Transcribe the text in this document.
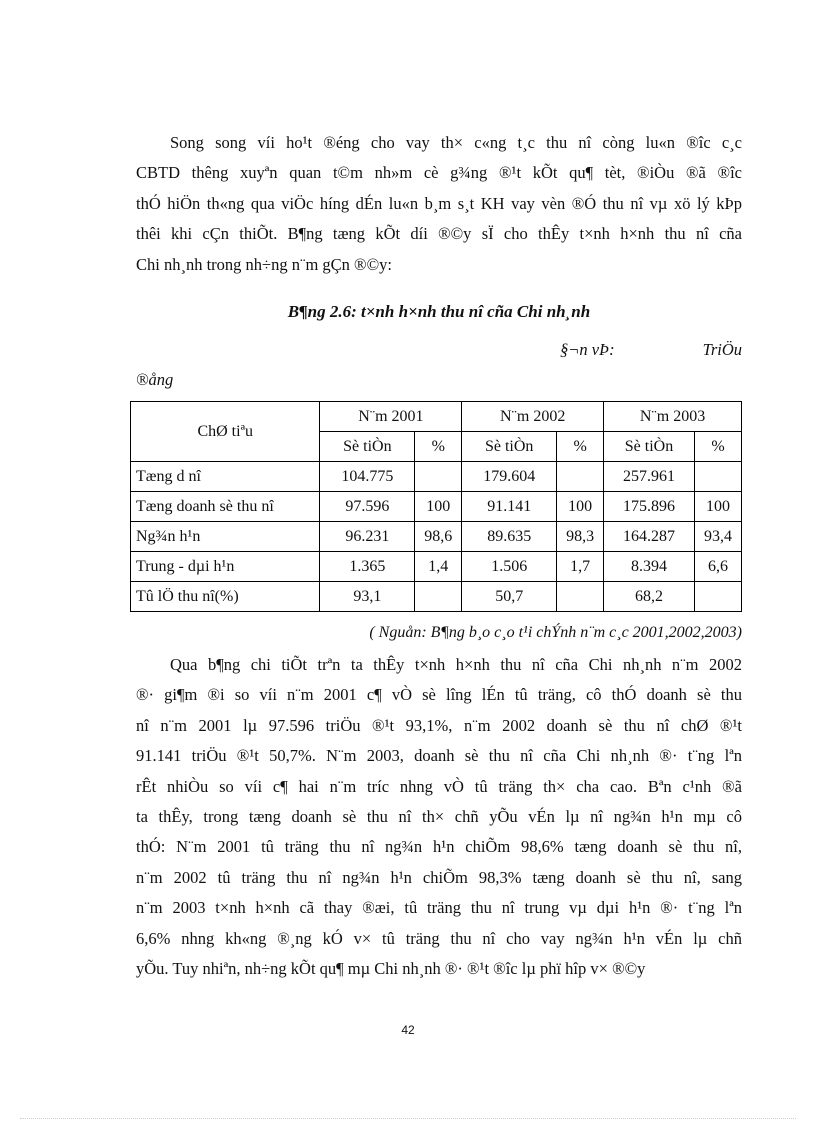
Song song víi ho¹t ®éng cho vay th× c«ng t¸c thu nî còng lu«n ®îc c¸c
CBTD thêng xuyªn quan t©m nh»m cè g¾ng ®¹t kÕt qu¶ tèt, ®iÒu ®ã ®îc
thÓ hiÖn th«ng qua viÖc híng dÉn lu«n b¸m s¸t KH vay vèn ®Ó thu nî vµ xö lý kÞp
thêi khi cÇn thiÕt. B¶ng tæng kÕt díi ®©y sÏ cho thÊy t×nh h×nh thu nî cña
Chi nh¸nh trong nh÷ng n¨m gÇn ®©y:
B¶ng 2.6: t×nh h×nh thu nî cña Chi nh¸nh
§¬n vÞ:	TriÖu
®ång
ChØ tiªu	N¨m 2001		N¨m 2002		N¨m 2003	
	Sè tiÒn	%	Sè tiÒn	%	Sè tiÒn	%
Tæng d nî	104.775		179.604		257.961	
Tæng doanh sè thu nî	97.596	100	91.141	100	175.896	100
Ng¾n h¹n	96.231	98,6	89.635	98,3	164.287	93,4
Trung - dµi h¹n	1.365	1,4	1.506	1,7	8.394	6,6
Tû lÖ thu nî(%)	93,1		50,7		68,2	
( Nguån: B¶ng b¸o c¸o t¹i chÝnh n¨m c¸c 2001,2002,2003)
Qua b¶ng chi tiÕt trªn ta thÊy t×nh h×nh thu nî cña Chi nh¸nh n¨m 2002
®· gi¶m ®i so víi n¨m 2001 c¶ vÒ sè lîng lÉn tû träng, cô thÓ doanh sè thu
nî n¨m 2001 lµ 97.596 triÖu ®¹t 93,1%, n¨m 2002 doanh sè thu nî chØ ®¹t
91.141 triÖu ®¹t 50,7%. N¨m 2003, doanh sè thu nî cña Chi nh¸nh ®· t¨ng lªn
rÊt nhiÒu so víi c¶ hai n¨m tríc nhng vÒ tû träng th× cha cao. Bªn c¹nh ®ã
ta thÊy, trong tæng doanh sè thu nî th× chñ yÕu vÉn lµ nî ng¾n h¹n mµ cô
thÓ: N¨m 2001 tû träng thu nî ng¾n h¹n chiÕm 98,6% tæng doanh sè thu nî,
n¨m 2002 tû träng thu nî ng¾n h¹n chiÕm 98,3% tæng doanh sè thu nî, sang
n¨m 2003 t×nh h×nh cã thay ®æi, tû träng thu nî trung vµ dµi h¹n ®· t¨ng lªn
6,6% nhng kh«ng ®¸ng kÓ v× tû träng thu nî cho vay ng¾n h¹n vÉn lµ chñ
yÕu. Tuy nhiªn, nh÷ng kÕt qu¶ mµ Chi nh¸nh ®· ®¹t ®îc lµ phï hîp v× ®©y
42
